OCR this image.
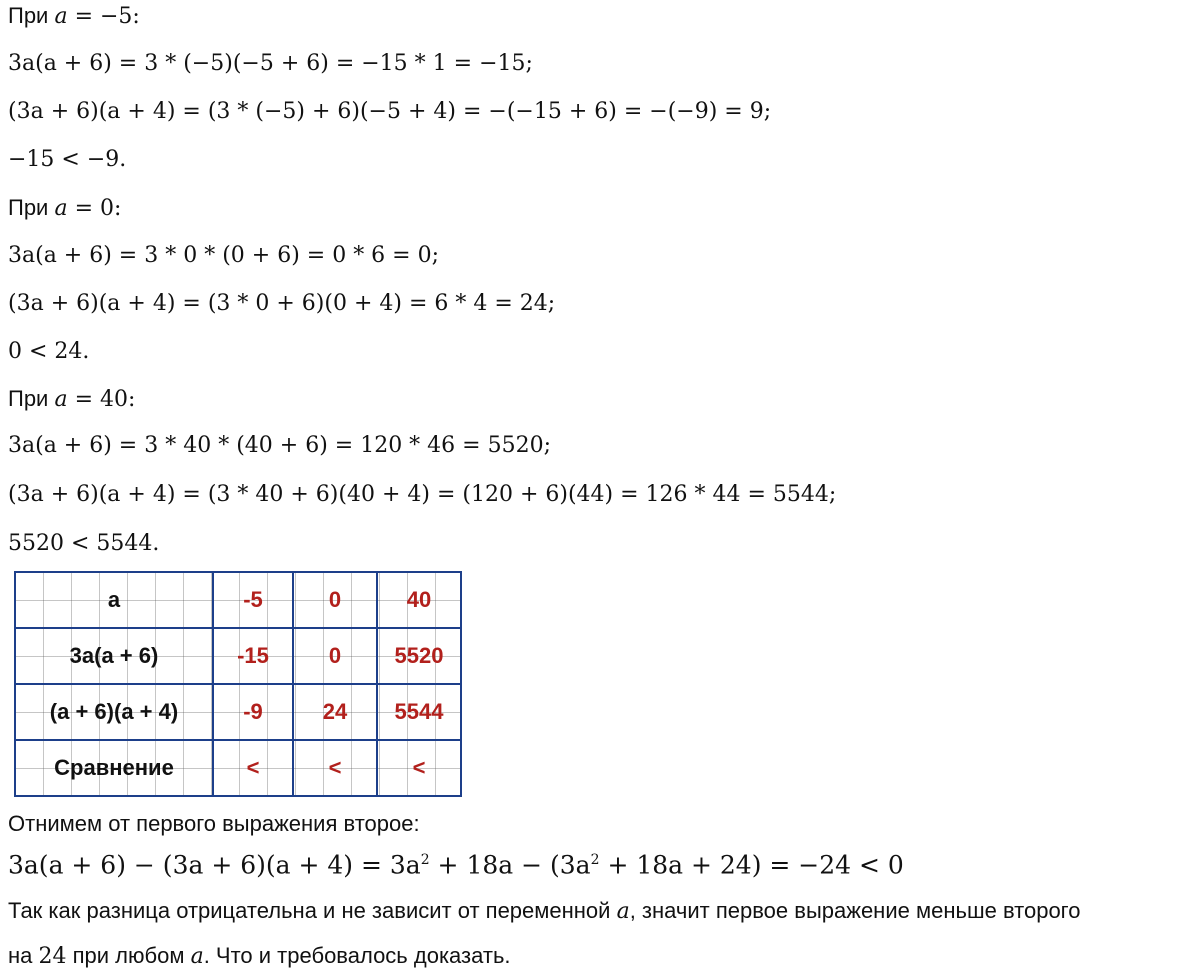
При a = −5:
3a(a + 6) = 3 * (−5)(−5 + 6) = −15 * 1 = −15;
(3a + 6)(a + 4) = (3 * (−5) + 6)(−5 + 4) = −(−15 + 6) = −(−9) = 9;
−15 < −9.
При a = 0:
3a(a + 6) = 3 * 0 * (0 + 6) = 0 * 6 = 0;
(3a + 6)(a + 4) = (3 * 0 + 6)(0 + 4) = 6 * 4 = 24;
0 < 24.
При a = 40:
3a(a + 6) = 3 * 40 * (40 + 6) = 120 * 46 = 5520;
(3a + 6)(a + 4) = (3 * 40 + 6)(40 + 4) = (120 + 6)(44) = 126 * 44 = 5544;
5520 < 5544.
a	-5	0	40
3a(a + 6)	-15	0	5520
(a + 6)(a + 4)	-9	24	5544
Сравнение	<	<	<
Отнимем от первого выражения второе:
$3a(a + 6) - (3a + 6)(a + 4) = 3a^2 + 18a - (3a^2 + 18a + 24) = -24 < 0$
Так как разница отрицательна и не зависит от переменной a, значит первое выражение меньше второго
на 24 при любом a. Что и требовалось доказать.
